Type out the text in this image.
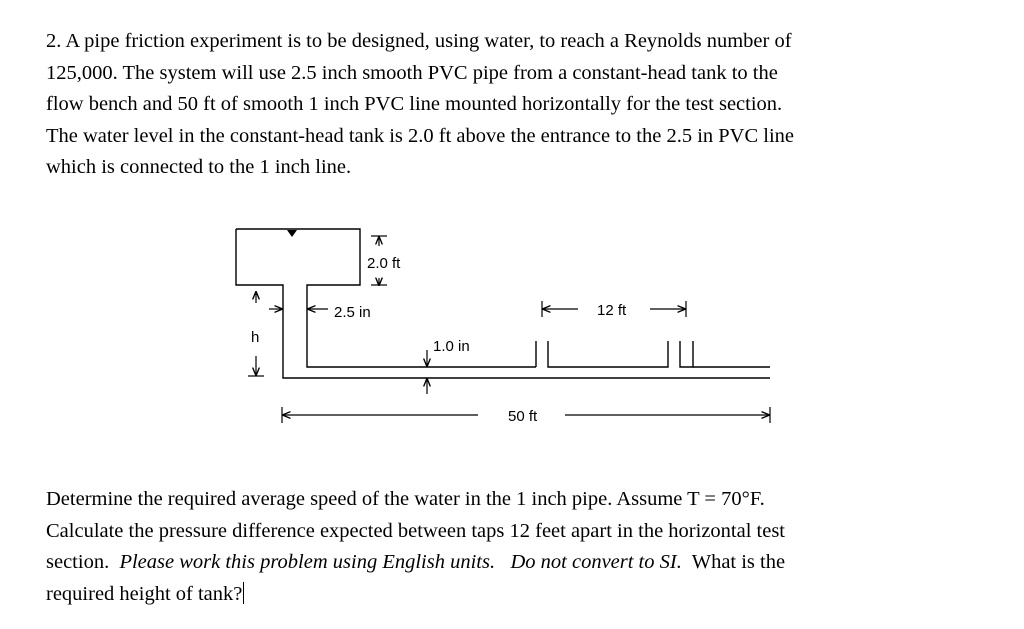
2. A pipe friction experiment is to be designed, using water, to reach a Reynolds number of
125,000. The system will use 2.5 inch smooth PVC pipe from a constant-head tank to the
flow bench and 50 ft of smooth 1 inch PVC line mounted horizontally for the test section.
The water level in the constant-head tank is 2.0 ft above the entrance to the 2.5 in PVC line
which is connected to the 1 inch line.
2.0 ft
2.5 in
h
1.0 in
12 ft
50 ft
Determine the required average speed of the water in the 1 inch pipe. Assume T = 70°F.
Calculate the pressure difference expected between taps 12 feet apart in the horizontal test
section.  Please work this problem using English units.   Do not convert to SI.  What is the
required height of tank?
